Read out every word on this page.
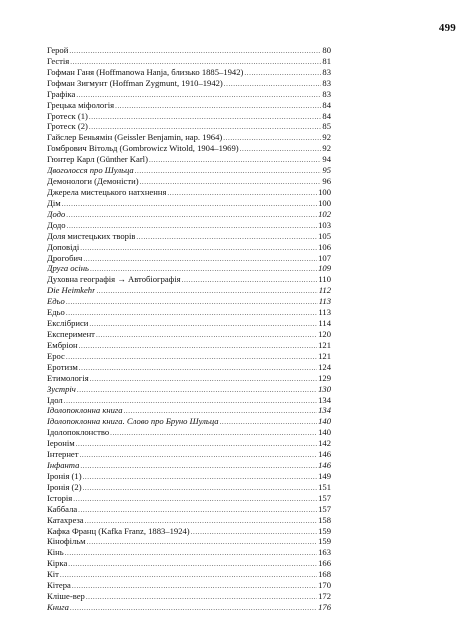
499
Герой .....	80
Гестія .....	81
Гофман Ганя (Hoffmanowa Hanja, близько 1885–1942) .....	83
Гофман Зигмунт (Hoffman Zygmunt, 1910–1942) .....	83
Графіка .....	83
Грецька міфологія .....	84
Гротеск (1) .....	84
Гротеск (2) .....	85
Гайслер Беньямін (Geissler Benjamin, нар. 1964) .....	92
Гомбрович Вітольд (Gombrowicz Witold, 1904–1969) .....	92
Гюнтер Карл (Günther Karl) .....	94
Двоголосся про Шульца .....	95
Демонологи (Демоністи) .....	96
Джерела мистецького натхнення .....	100
Дім .....	100
Додо .....	102
Додо .....	103
Доля мистецьких творів .....	105
Доповіді .....	106
Дрогобич .....	107
Друга осінь .....	109
Духовна географія → Автобіографія .....	110
Die Heimkehr .....	112
Едьо .....	113
Едьо .....	113
Екслібриси .....	114
Експеримент .....	120
Ембріон .....	121
Ерос .....	121
Еротизм .....	124
Етимологія .....	129
Зустріч .....	130
Ідол .....	134
Ідолопоклонна книга .....	134
Ідолопоклонна книга. Слово про Бруно Шульца .....	140
Ідолопоклонство .....	140
Іеронім .....	142
Інтернет .....	146
Інфанта .....	146
Іронія (1) .....	149
Іронія (2) .....	151
Історія .....	157
Каббала .....	157
Катахреза .....	158
Кафка Франц (Kafka Franz, 1883–1924) .....	159
Кінофільм .....	159
Кінь .....	163
Кірка .....	166
Кіт .....	168
Кітера .....	170
Кліше-вер .....	172
Книга .....	176
